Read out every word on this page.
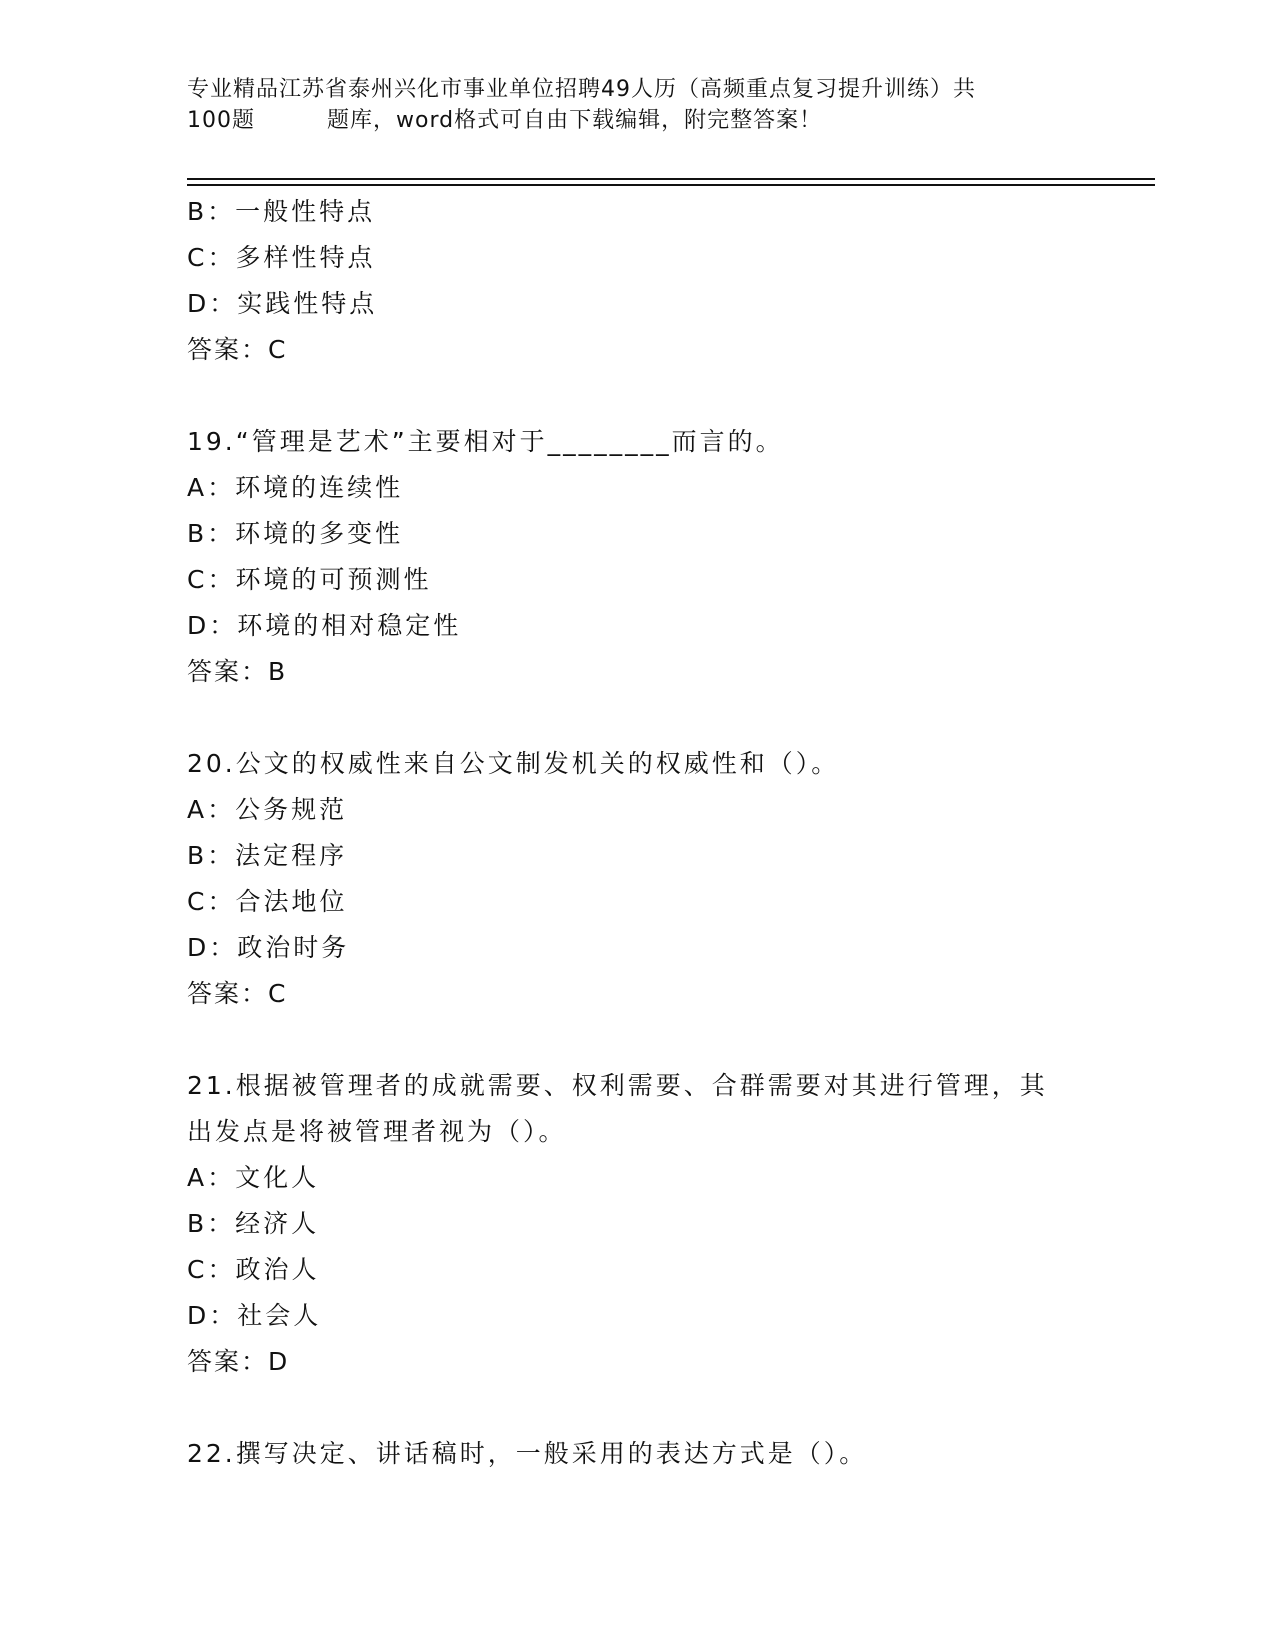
专业精品江苏省泰州兴化市事业单位招聘49人历（高频重点复习提升训练）共
100题	题库，word格式可自由下载编辑，附完整答案！
B：一般性特点
C：多样性特点
D：实践性特点
答案：C
19.“管理是艺术”主要相对于________而言的。
A：环境的连续性
B：环境的多变性
C：环境的可预测性
D：环境的相对稳定性
答案：B
20.公文的权威性来自公文制发机关的权威性和（）。
A：公务规范
B：法定程序
C：合法地位
D：政治时务
答案：C
21.根据被管理者的成就需要、权利需要、合群需要对其进行管理，其
出发点是将被管理者视为（）。
A：文化人
B：经济人
C：政治人
D：社会人
答案：D
22.撰写决定、讲话稿时，一般采用的表达方式是（）。
